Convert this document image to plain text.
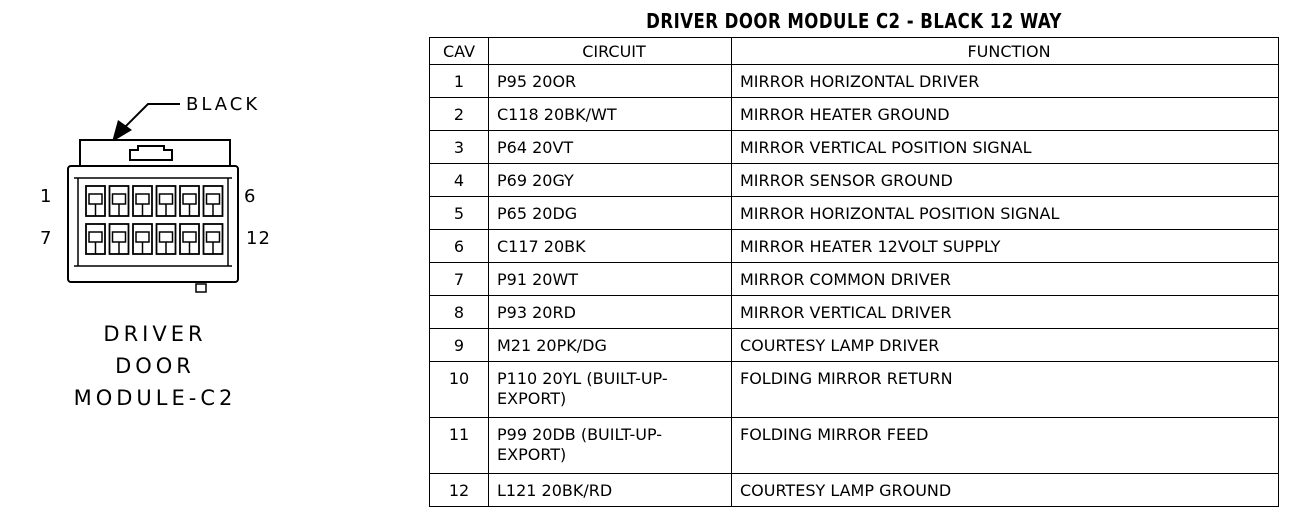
BLACK
1	6
7	12
DRIVER
DOOR
MODULE-C2
DRIVER DOOR MODULE C2 - BLACK 12 WAY
CAV	CIRCUIT	FUNCTION
1	P95 20OR	MIRROR HORIZONTAL DRIVER
2	C118 20BK/WT	MIRROR HEATER GROUND
3	P64 20VT	MIRROR VERTICAL POSITION SIGNAL
4	P69 20GY	MIRROR SENSOR GROUND
5	P65 20DG	MIRROR HORIZONTAL POSITION SIGNAL
6	C117 20BK	MIRROR HEATER 12VOLT SUPPLY
7	P91 20WT	MIRROR COMMON DRIVER
8	P93 20RD	MIRROR VERTICAL DRIVER
9	M21 20PK/DG	COURTESY LAMP DRIVER
10	P110 20YL (BUILT-UP-
EXPORT)	FOLDING MIRROR RETURN
11	P99 20DB (BUILT-UP-
EXPORT)	FOLDING MIRROR FEED
12	L121 20BK/RD	COURTESY LAMP GROUND
